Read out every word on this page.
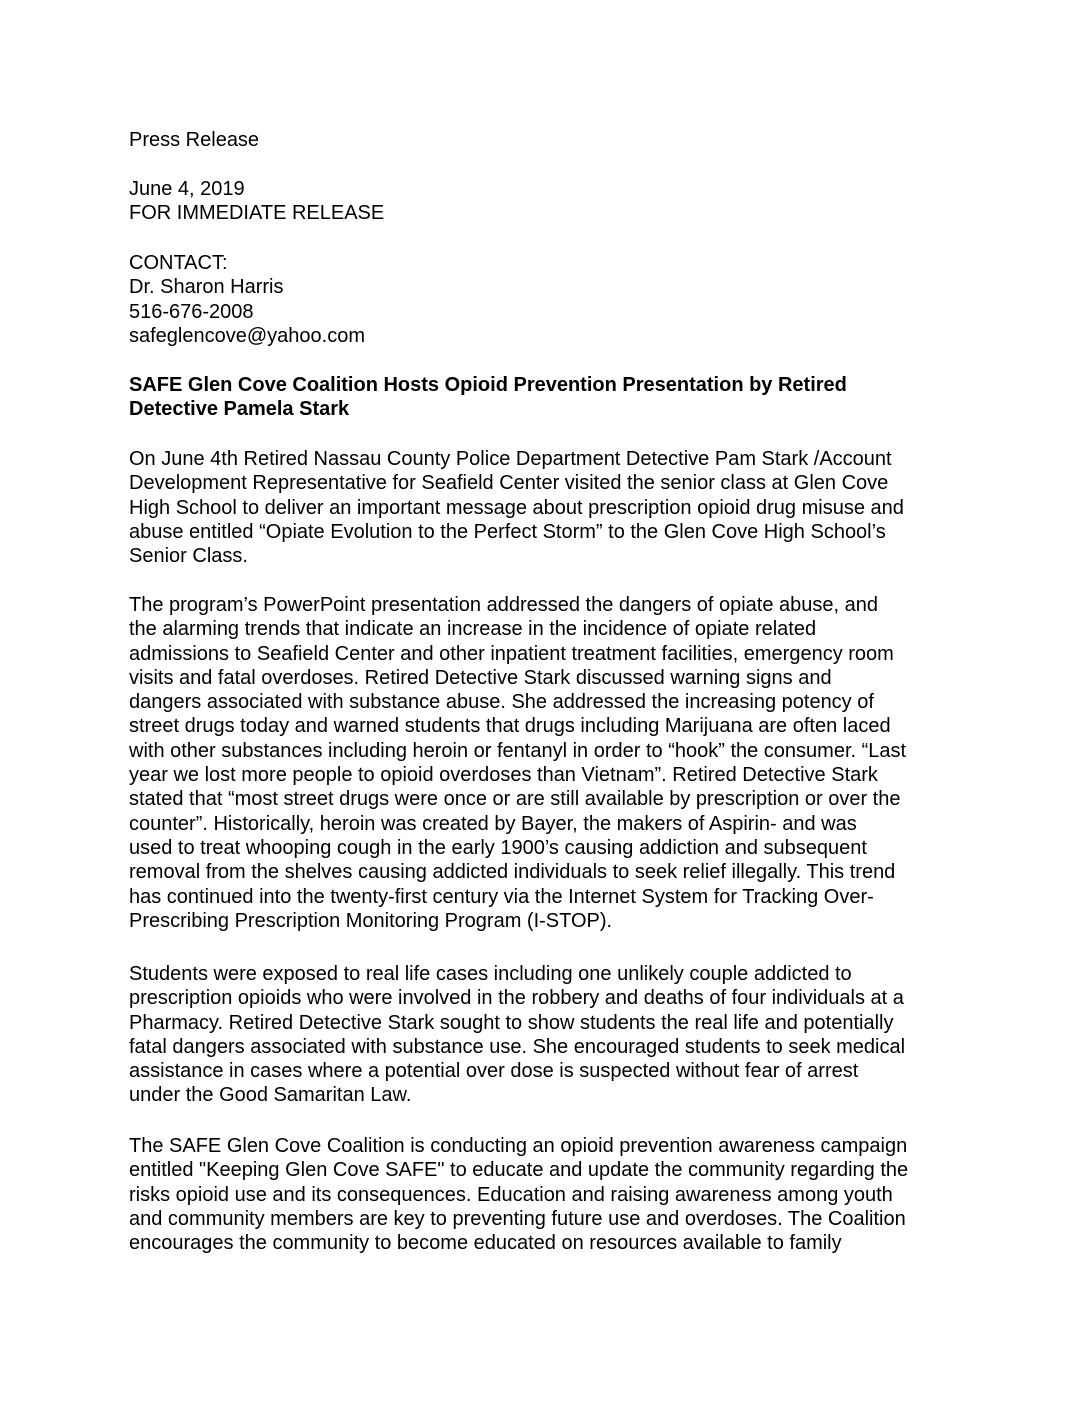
Press Release
June 4, 2019
FOR IMMEDIATE RELEASE
CONTACT:
Dr. Sharon Harris
516-676-2008
safeglencove@yahoo.com
SAFE Glen Cove Coalition Hosts Opioid Prevention Presentation by Retired
Detective Pamela Stark
On June 4th Retired Nassau County Police Department Detective Pam Stark /Account
Development Representative for Seafield Center visited the senior class at Glen Cove
High School to deliver an important message about prescription opioid drug misuse and
abuse entitled “Opiate Evolution to the Perfect Storm” to the Glen Cove High School’s
Senior Class.
The program’s PowerPoint presentation addressed the dangers of opiate abuse, and
the alarming trends that indicate an increase in the incidence of opiate related
admissions to Seafield Center and other inpatient treatment facilities, emergency room
visits and fatal overdoses. Retired Detective Stark discussed warning signs and
dangers associated with substance abuse. She addressed the increasing potency of
street drugs today and warned students that drugs including Marijuana are often laced
with other substances including heroin or fentanyl in order to “hook” the consumer. “Last
year we lost more people to opioid overdoses than Vietnam”. Retired Detective Stark
stated that “most street drugs were once or are still available by prescription or over the
counter”. Historically, heroin was created by Bayer, the makers of Aspirin- and was
used to treat whooping cough in the early 1900’s causing addiction and subsequent
removal from the shelves causing addicted individuals to seek relief illegally. This trend
has continued into the twenty-first century via the Internet System for Tracking Over-
Prescribing Prescription Monitoring Program (I-STOP).
Students were exposed to real life cases including one unlikely couple addicted to
prescription opioids who were involved in the robbery and deaths of four individuals at a
Pharmacy. Retired Detective Stark sought to show students the real life and potentially
fatal dangers associated with substance use. She encouraged students to seek medical
assistance in cases where a potential over dose is suspected without fear of arrest
under the Good Samaritan Law.
The SAFE Glen Cove Coalition is conducting an opioid prevention awareness campaign
entitled "Keeping Glen Cove SAFE" to educate and update the community regarding the
risks opioid use and its consequences. Education and raising awareness among youth
and community members are key to preventing future use and overdoses. The Coalition
encourages the community to become educated on resources available to family
